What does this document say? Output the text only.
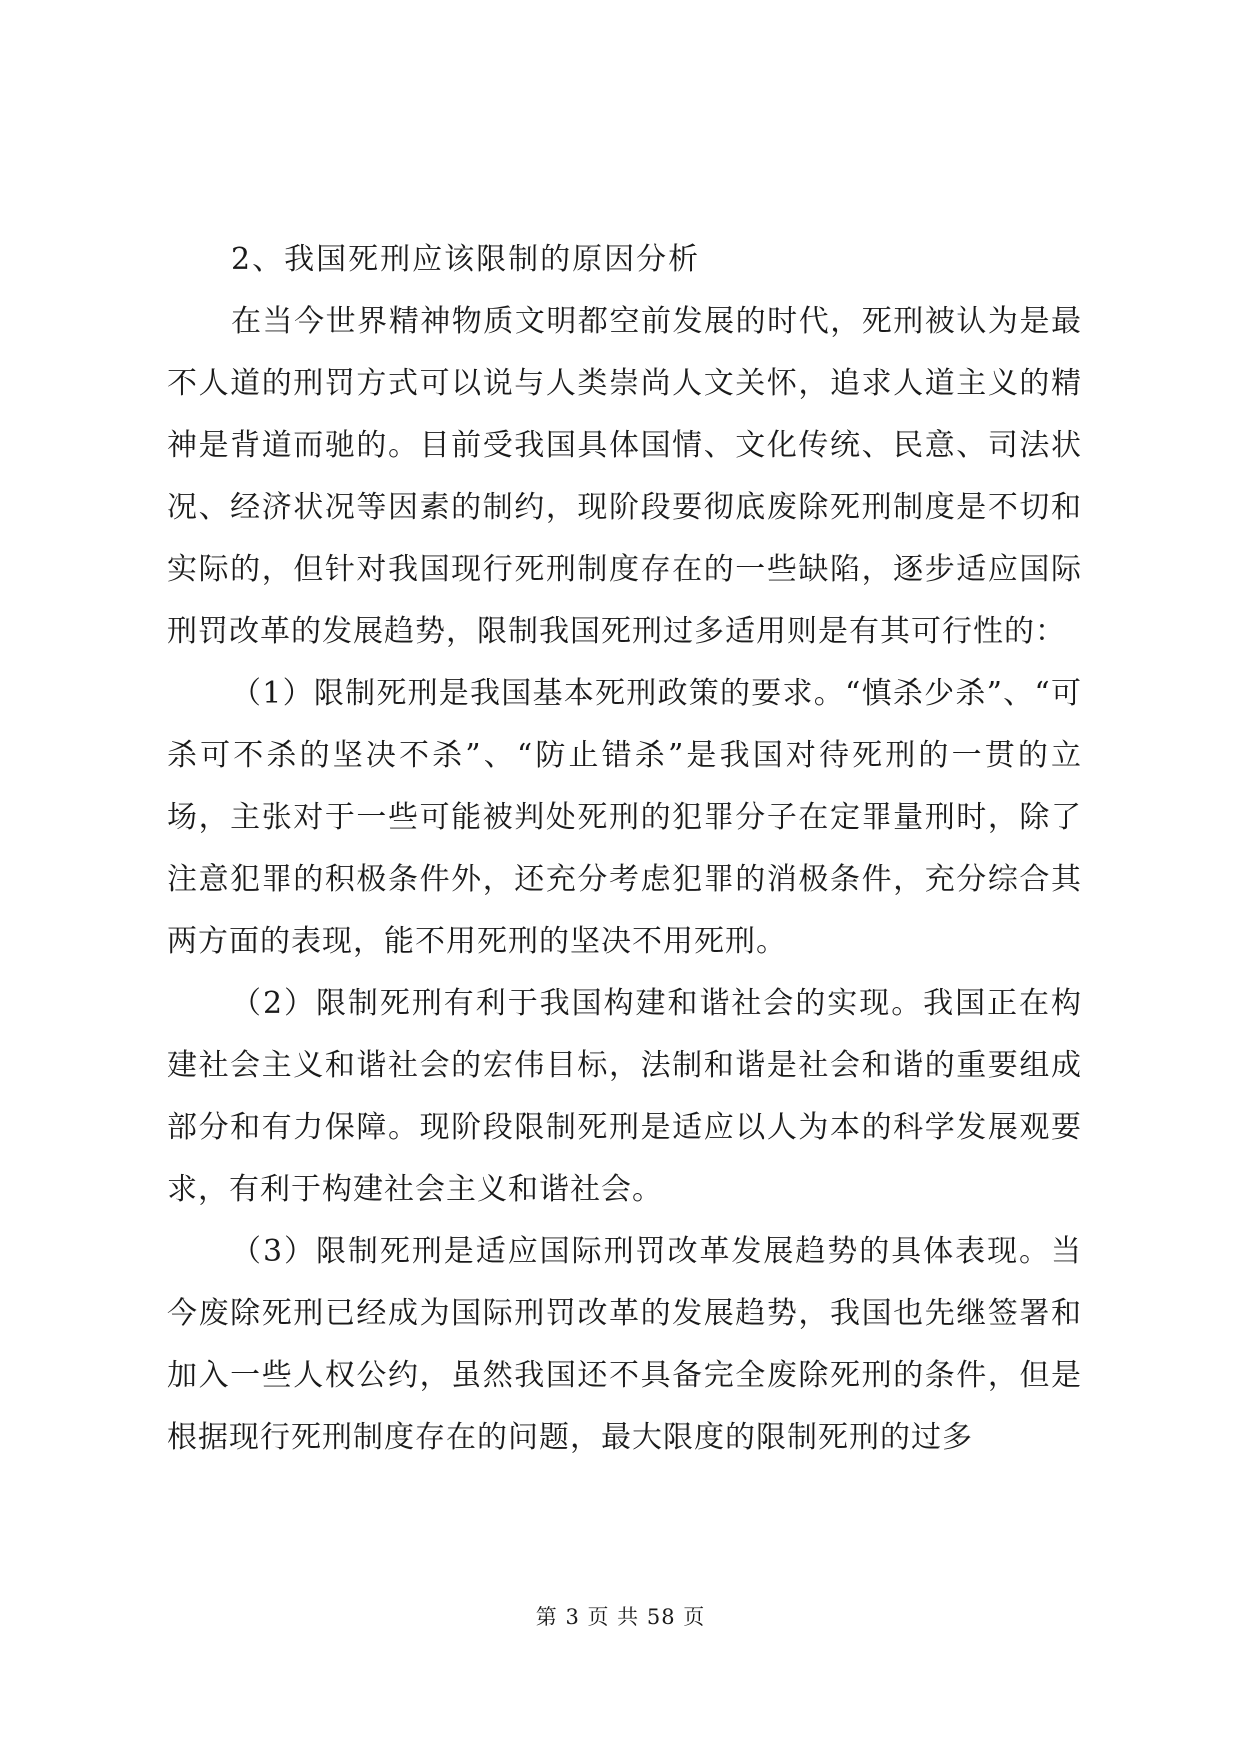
2、我国死刑应该限制的原因分析

在当今世界精神物质文明都空前发展的时代，死刑被认为是最不人道的刑罚方式可以说与人类崇尚人文关怀，追求人道主义的精神是背道而驰的。目前受我国具体国情、文化传统、民意、司法状况、经济状况等因素的制约，现阶段要彻底废除死刑制度是不切和实际的，但针对我国现行死刑制度存在的一些缺陷，逐步适应国际刑罚改革的发展趋势，限制我国死刑过多适用则是有其可行性的：

（1）限制死刑是我国基本死刑政策的要求。“慎杀少杀”、“可杀可不杀的坚决不杀”、“防止错杀”是我国对待死刑的一贯的立场，主张对于一些可能被判处死刑的犯罪分子在定罪量刑时，除了注意犯罪的积极条件外，还充分考虑犯罪的消极条件，充分综合其两方面的表现，能不用死刑的坚决不用死刑。

（2）限制死刑有利于我国构建和谐社会的实现。我国正在构建社会主义和谐社会的宏伟目标，法制和谐是社会和谐的重要组成部分和有力保障。现阶段限制死刑是适应以人为本的科学发展观要求，有利于构建社会主义和谐社会。

（3）限制死刑是适应国际刑罚改革发展趋势的具体表现。当今废除死刑已经成为国际刑罚改革的发展趋势，我国也先继签署和加入一些人权公约，虽然我国还不具备完全废除死刑的条件，但是根据现行死刑制度存在的问题，最大限度的限制死刑的过多

第 3 页 共 58 页
